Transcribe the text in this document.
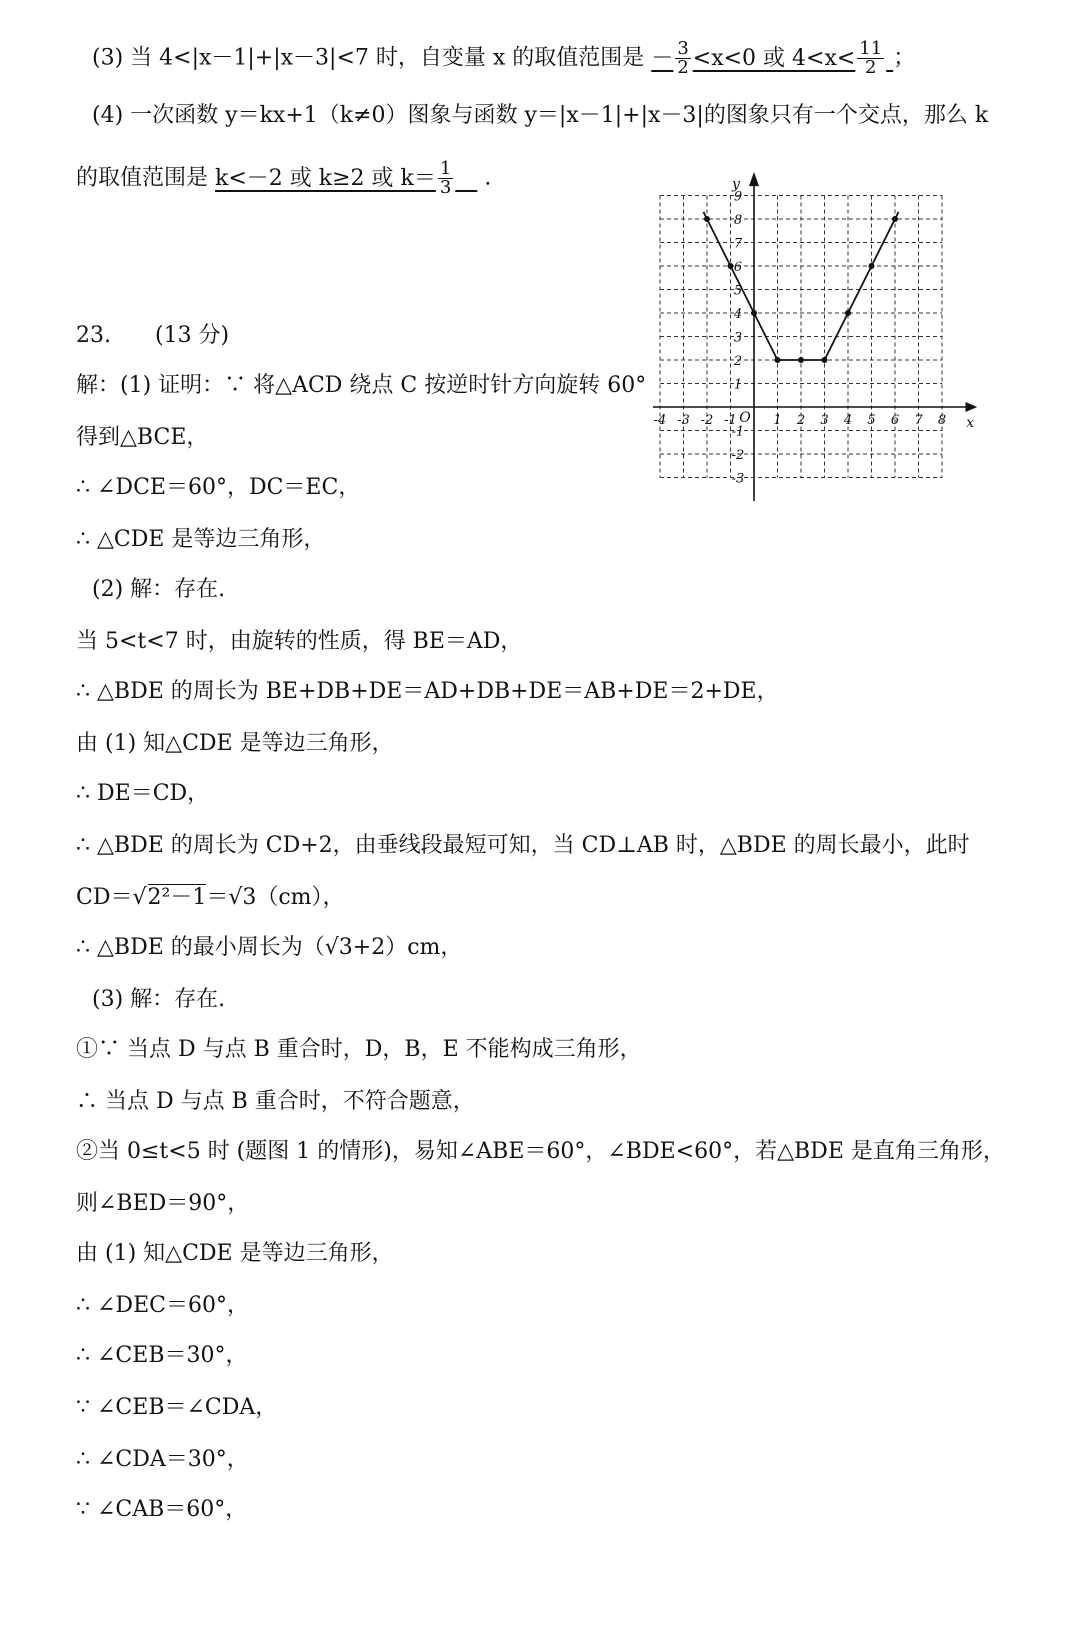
(3) 当 4<|x－1|+|x－3|<7 时，自变量 x 的取值范围是 － $\frac{3}{2} <x<0$ 或 $4<x< \frac{11}{2}$ ；
(4) 一次函数 y＝kx+1（k≠0）图象与函数 y＝|x－1|+|x－3|的图象只有一个交点，那么 k
的取值范围是 k<－2 或 k≥2 或 $k= \frac{1}{3}$
　 .
x
y
O
-4 -3 -2 -1	1 2 3 4 5 6 7 8
-3
-2
-1
1
2
3
4
5
6
7
8
9
23.　　(13 分)
解：(1) 证明：∵ 将△ACD 绕点 C 按逆时针方向旋转 60°
得到△BCE，
∴ ∠DCE＝60°，DC＝EC，
∴ △CDE 是等边三角形，
(2) 解：存在.
当 5<t<7 时，由旋转的性质，得 BE＝AD，
∴ △BDE 的周长为 BE+DB+DE＝AD+DB+DE＝AB+DE＝2+DE，
由 (1) 知△CDE 是等边三角形，
∴ DE＝CD，
∴ △BDE 的周长为 CD+2，由垂线段最短可知，当 CD⊥AB 时，△BDE 的周长最小，此时
CD＝√2²－1＝√3（cm），
∴ △BDE 的最小周长为（√3+2）cm，
(3) 解：存在.
①∵ 当点 D 与点 B 重合时，D，B，E 不能构成三角形，
∴ 当点 D 与点 B 重合时，不符合题意，
②当 0≤t<5 时 (题图 1 的情形)，易知∠ABE＝60°，∠BDE<60°，若△BDE 是直角三角形，
则∠BED＝90°，
由 (1) 知△CDE 是等边三角形，
∴ ∠DEC＝60°，
∴ ∠CEB＝30°，
∵ ∠CEB＝∠CDA，
∴ ∠CDA＝30°，
∵ ∠CAB＝60°，
